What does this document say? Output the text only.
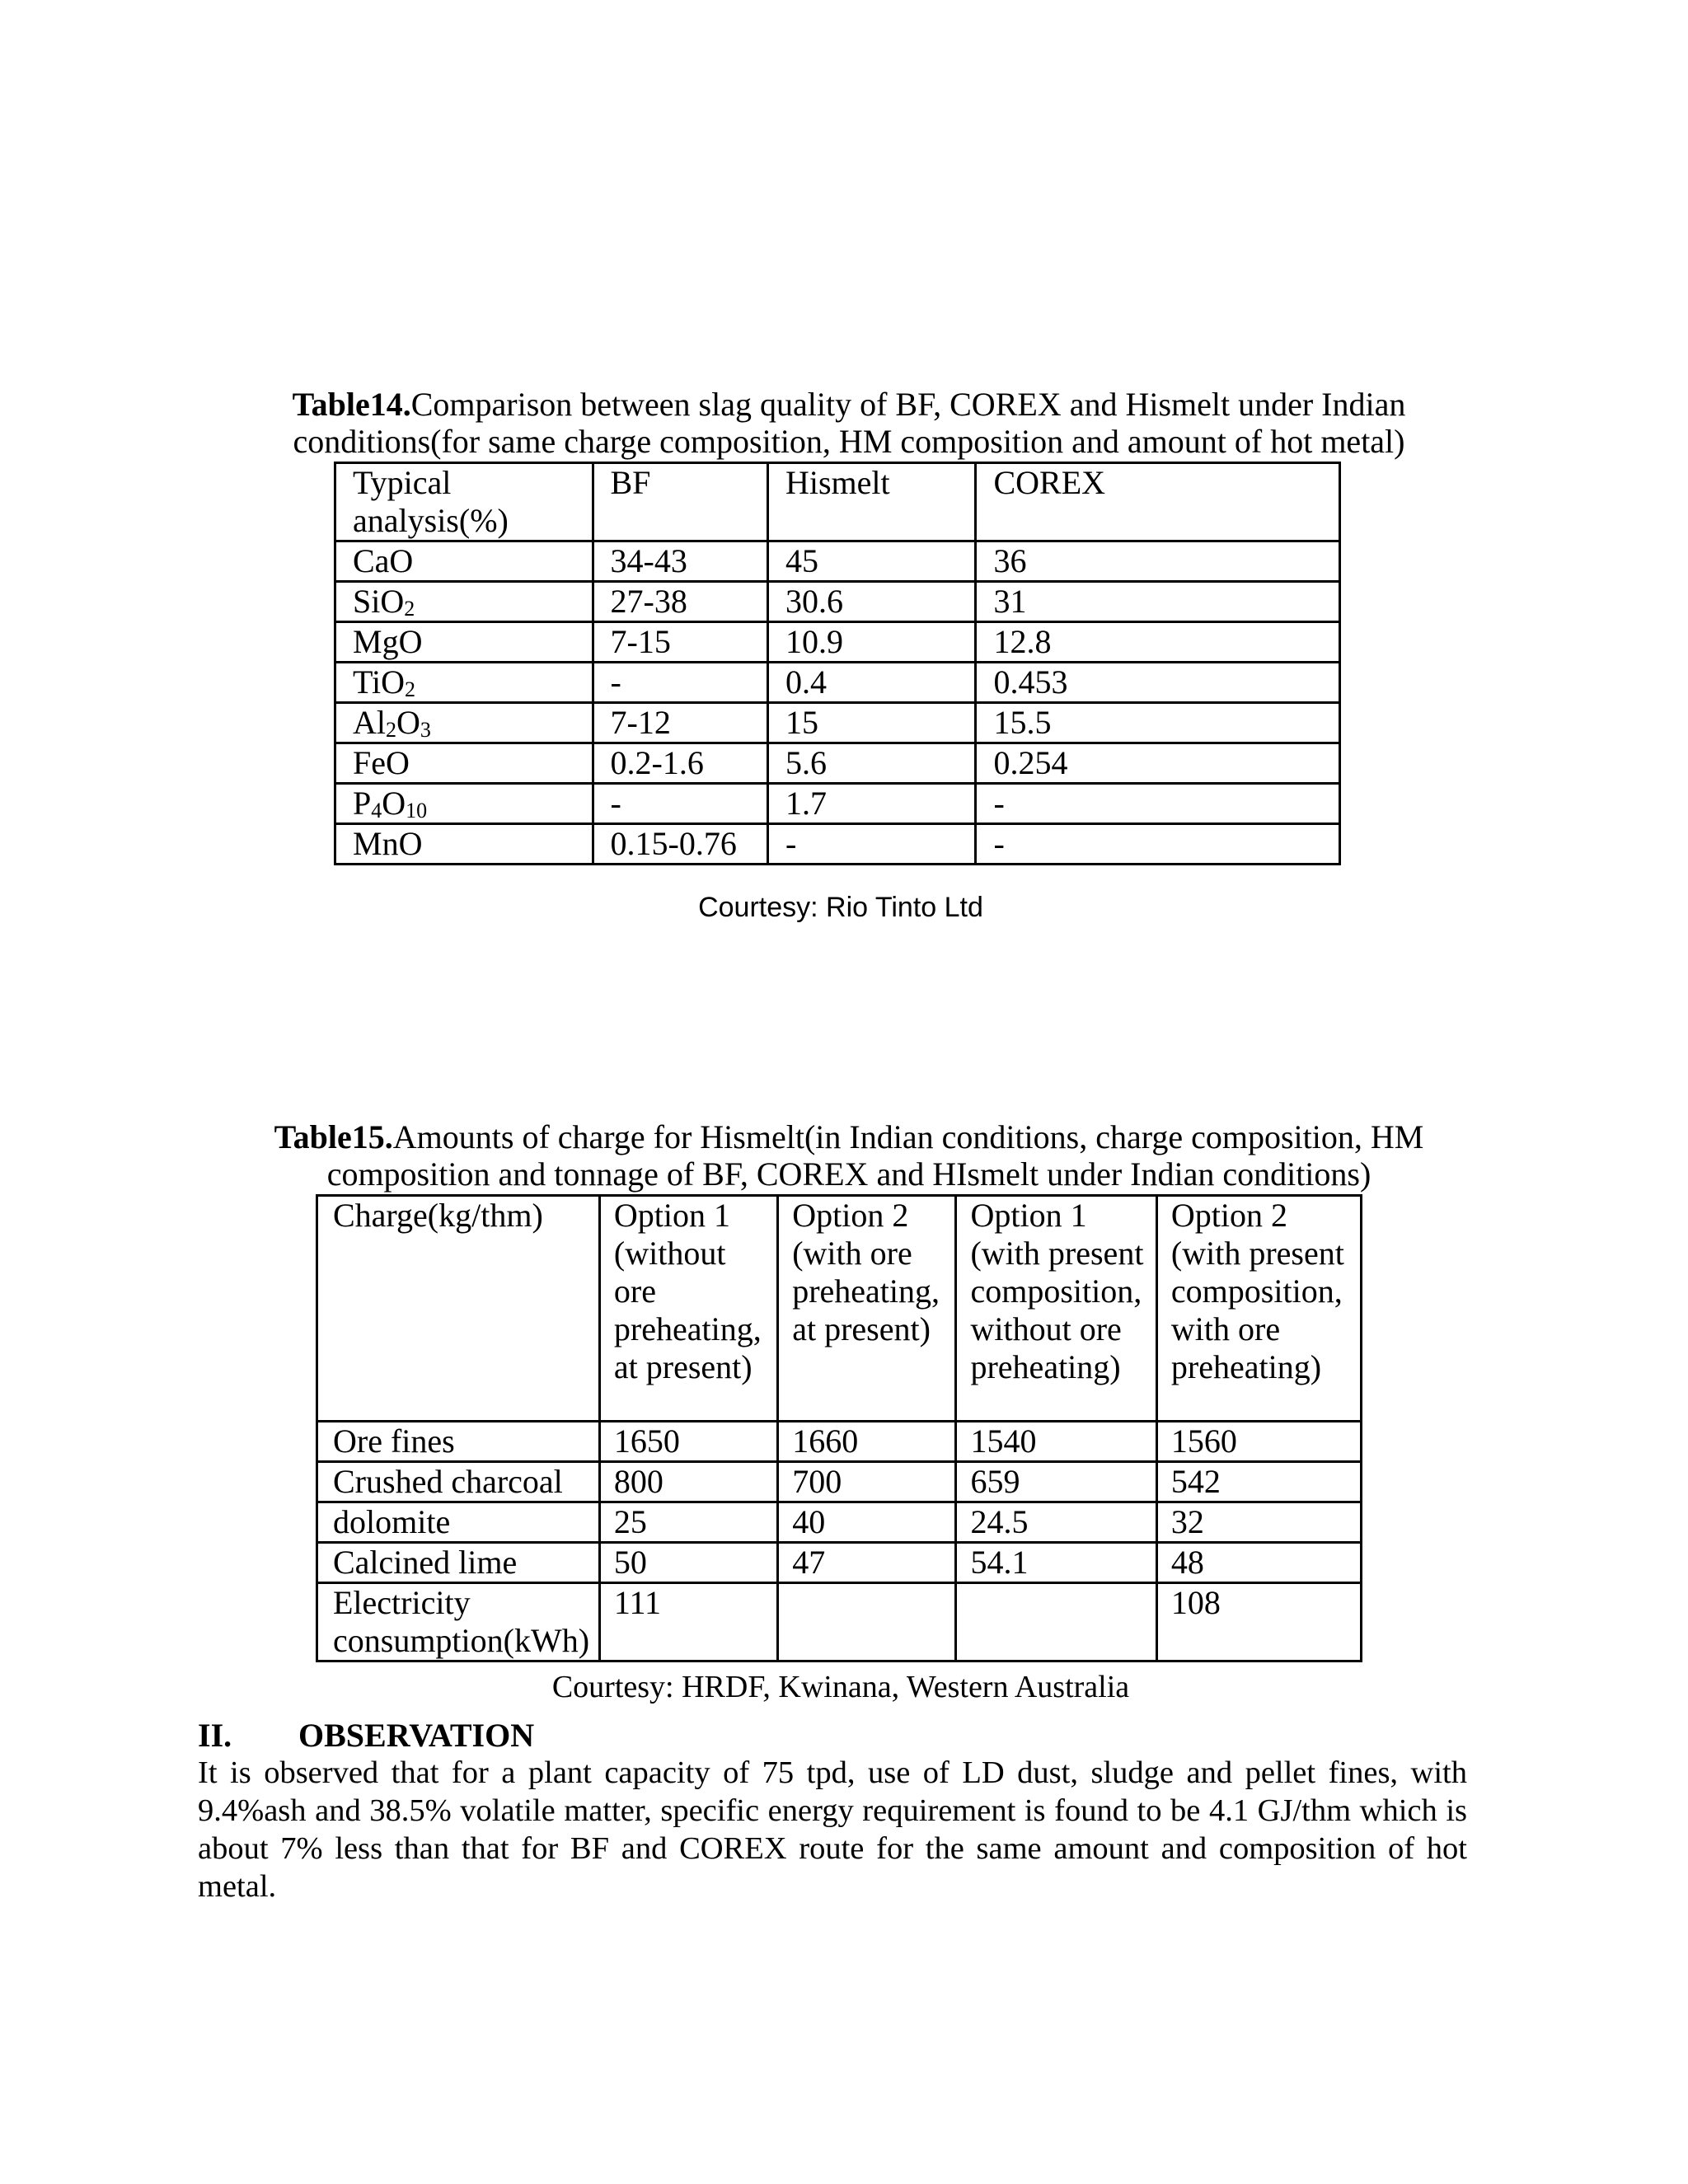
Table14.Comparison between slag quality of BF, COREX and Hismelt under Indian
conditions(for same charge composition, HM composition and amount of hot metal)
Typical analysis(%)	BF	Hismelt	COREX
CaO	34-43	45	36
SiO$_2$	27-38	30.6	31
MgO	7-15	10.9	12.8
TiO$_2$	-	0.4	0.453
$Al_2O_3$	7-12	15	15.5
FeO	0.2-1.6	5.6	0.254
$P_4O_{10}$	-	1.7	-
MnO	0.15-0.76	-	-
Courtesy: Rio Tinto Ltd
Table15.Amounts of charge for Hismelt(in Indian conditions, charge composition, HM
composition and tonnage of BF, COREX and HIsmelt under Indian conditions)
Charge(kg/thm)	Option 1 (without ore preheating, at present)	Option 2 (with ore preheating, at present)	Option 1 (with present composition, without ore preheating)	Option 2 (with present composition, with ore preheating)
Ore fines	1650	1660	1540	1560
Crushed charcoal	800	700	659	542
dolomite	25	40	24.5	32
Calcined lime	50	47	54.1	48
Electricity consumption(kWh)	111			108
Courtesy: HRDF, Kwinana, Western Australia
II. OBSERVATION
It is observed that for a plant capacity of 75 tpd, use of LD dust, sludge and pellet fines, with 9.4%ash and 38.5% volatile matter, specific energy requirement is found to be 4.1 GJ/thm which is about 7% less than that for BF and COREX route for the same amount and composition of hot metal.
